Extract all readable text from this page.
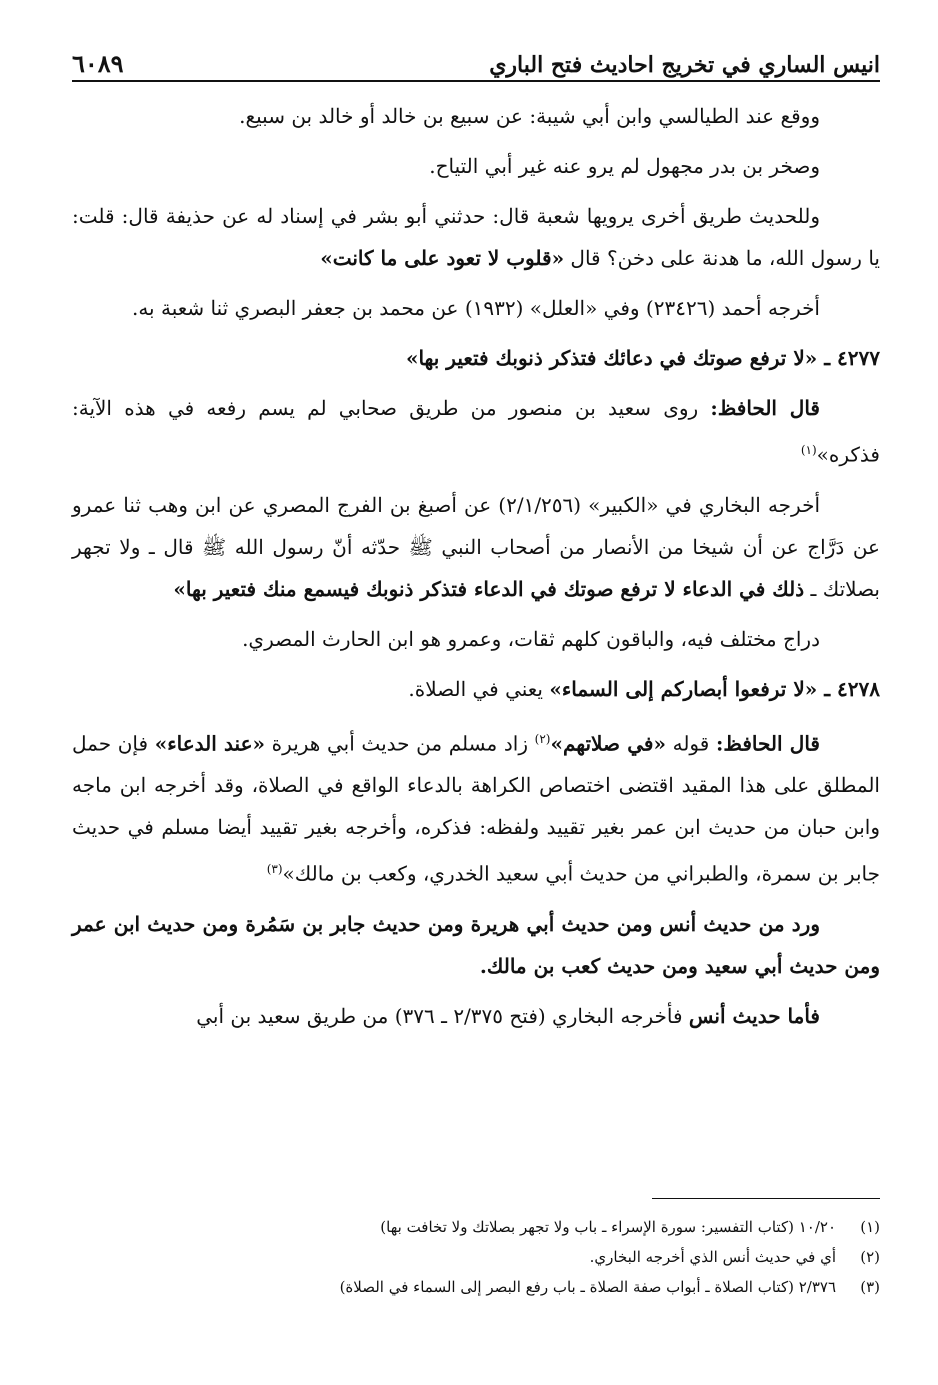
انيس الساري في تخريج احاديث فتح الباري
٦٠٨٩

ووقع عند الطيالسي وابن أبي شيبة: عن سبيع بن خالد أو خالد بن سبيع.

وصخر بن بدر مجهول لم يرو عنه غير أبي التياح.

وللحديث طريق أخرى يرويها شعبة قال: حدثني أبو بشر في إسناد له عن حذيفة قال: قلت: يا رسول الله، ما هدنة على دخن؟ قال «قلوب لا تعود على ما كانت»

أخرجه أحمد (٢٣٤٢٦) وفي «العلل» (١٩٣٢) عن محمد بن جعفر البصري ثنا شعبة به.

٤٢٧٧ ـ «لا ترفع صوتك في دعائك فتذكر ذنوبك فتعير بها»

قال الحافظ: روى سعيد بن منصور من طريق صحابي لم يسم رفعه في هذه الآية: فذكره»$^{(١)}$

أخرجه البخاري في «الكبير» (٢/١/٢٥٦) عن أصبغ بن الفرج المصري عن ابن وهب ثنا عمرو عن دَرَّاج عن أن شيخا من الأنصار من أصحاب النبي ﷺ حدّثه أنّ رسول الله ﷺ قال ـ ولا تجهر بصلاتك ـ ذلك في الدعاء لا ترفع صوتك في الدعاء فتذكر ذنوبك فيسمع منك فتعير بها»

دراج مختلف فيه، والباقون كلهم ثقات، وعمرو هو ابن الحارث المصري.

٤٢٧٨ ـ «لا ترفعوا أبصاركم إلى السماء» يعني في الصلاة.

قال الحافظ: قوله «في صلاتهم»$^{(٢)}$ زاد مسلم من حديث أبي هريرة «عند الدعاء» فإن حمل المطلق على هذا المقيد اقتضى اختصاص الكراهة بالدعاء الواقع في الصلاة، وقد أخرجه ابن ماجه وابن حبان من حديث ابن عمر بغير تقييد ولفظه: فذكره، وأخرجه بغير تقييد أيضا مسلم في حديث جابر بن سمرة، والطبراني من حديث أبي سعيد الخدري، وكعب بن مالك»$^{(٣)}$

ورد من حديث أنس ومن حديث أبي هريرة ومن حديث جابر بن سَمُرة ومن حديث ابن عمر ومن حديث أبي سعيد ومن حديث كعب بن مالك.

فأما حديث أنس فأخرجه البخاري (فتح ٢/٣٧٥ ـ ٣٧٦) من طريق سعيد بن أبي

(١)
١٠/٢٠ (كتاب التفسير: سورة الإسراء ـ باب ولا تجهر بصلاتك ولا تخافت بها)
(٢)
أي في حديث أنس الذي أخرجه البخاري.
(٣)
٢/٣٧٦ (كتاب الصلاة ـ أبواب صفة الصلاة ـ باب رفع البصر إلى السماء في الصلاة)
